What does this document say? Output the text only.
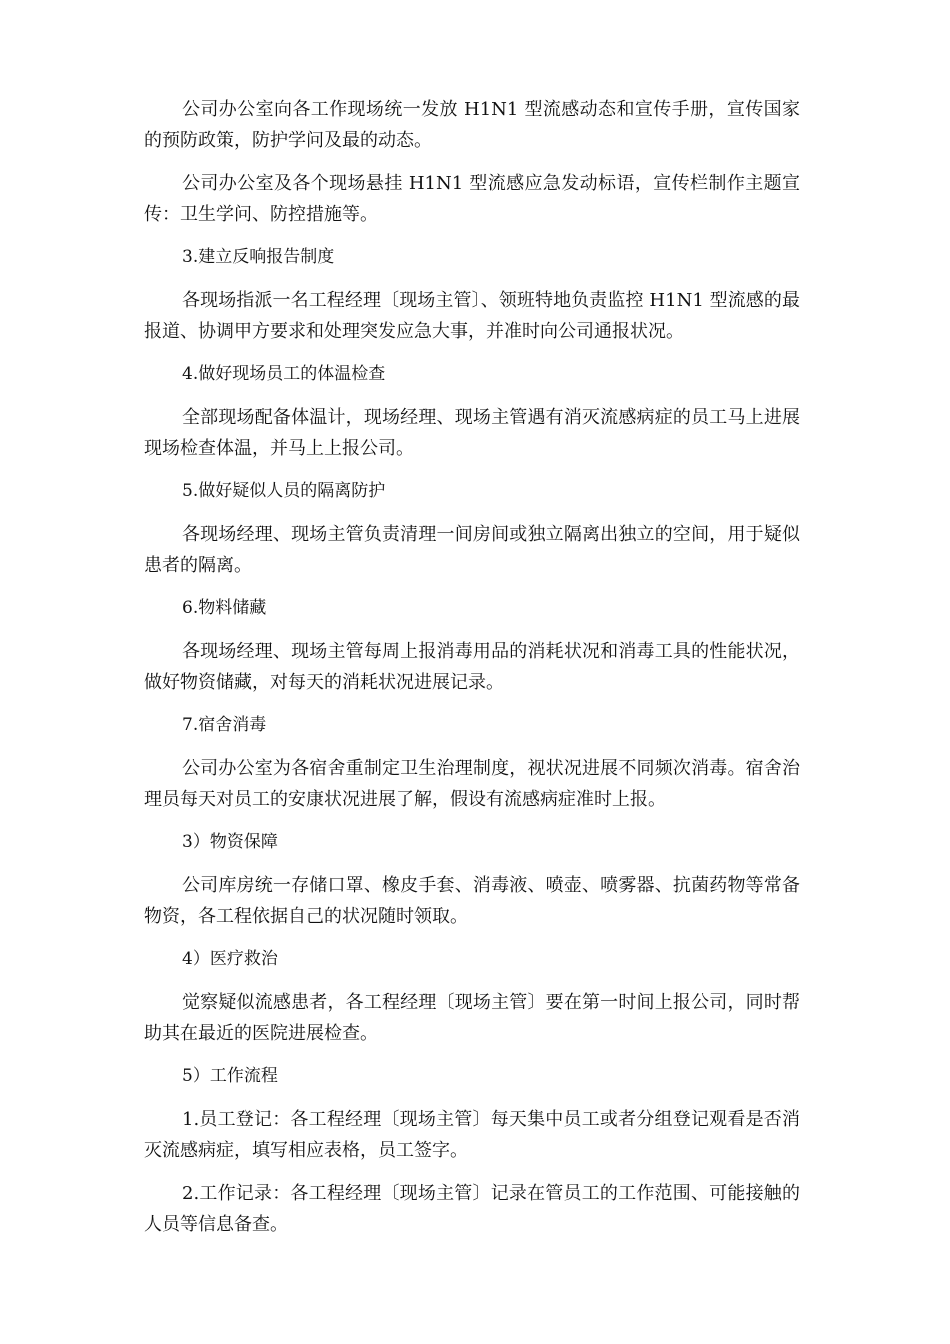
公司办公室向各工作现场统一发放 H1N1 型流感动态和宣传手册，宣传国家的预防政策，防护学问及最的动态。

公司办公室及各个现场悬挂 H1N1 型流感应急发动标语，宣传栏制作主题宣传：卫生学问、防控措施等。

3.建立反响报告制度

各现场指派一名工程经理〔现场主管〕、领班特地负责监控 H1N1 型流感的最报道、协调甲方要求和处理突发应急大事，并准时向公司通报状况。

4.做好现场员工的体温检查

全部现场配备体温计，现场经理、现场主管遇有消灭流感病症的员工马上进展现场检查体温，并马上上报公司。

5.做好疑似人员的隔离防护

各现场经理、现场主管负责清理一间房间或独立隔离出独立的空间，用于疑似患者的隔离。

6.物料储藏

各现场经理、现场主管每周上报消毒用品的消耗状况和消毒工具的性能状况，做好物资储藏，对每天的消耗状况进展记录。

7.宿舍消毒

公司办公室为各宿舍重制定卫生治理制度，视状况进展不同频次消毒。宿舍治理员每天对员工的安康状况进展了解，假设有流感病症准时上报。

3）物资保障

公司库房统一存储口罩、橡皮手套、消毒液、喷壶、喷雾器、抗菌药物等常备物资，各工程依据自己的状况随时领取。

4）医疗救治

觉察疑似流感患者，各工程经理〔现场主管〕要在第一时间上报公司，同时帮助其在最近的医院进展检查。

5）工作流程

1.员工登记：各工程经理〔现场主管〕每天集中员工或者分组登记观看是否消灭流感病症，填写相应表格，员工签字。

2.工作记录：各工程经理〔现场主管〕记录在管员工的工作范围、可能接触的人员等信息备查。
